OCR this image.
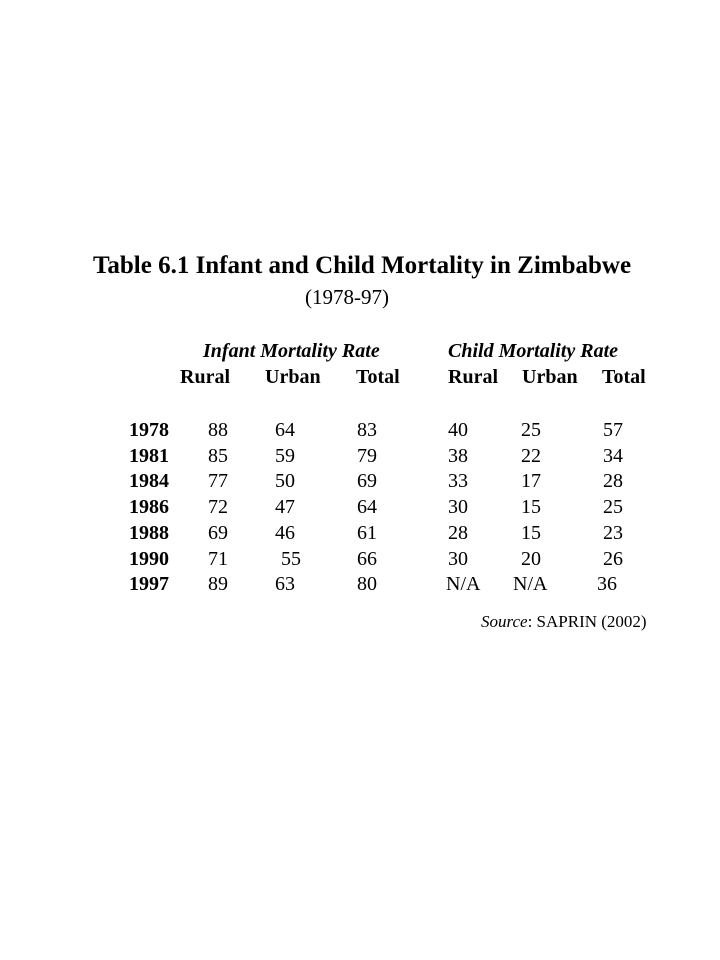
Table 6.1 Infant and Child Mortality in Zimbabwe
(1978-97)
Infant Mortality Rate	Child Mortality Rate
Rural Urban Total Rural Urban Total
1978 88 64	83	40	25	57
1981 85 59	79	38	22	34
1984 77 50	69	33	17	28
1986 72 47	64	30	15	25
1988 69 46	61	28	15	23
1990 71	55	66	30	20	26
1997 89 63	80	N/A N/A 36
Source: SAPRIN (2002)
